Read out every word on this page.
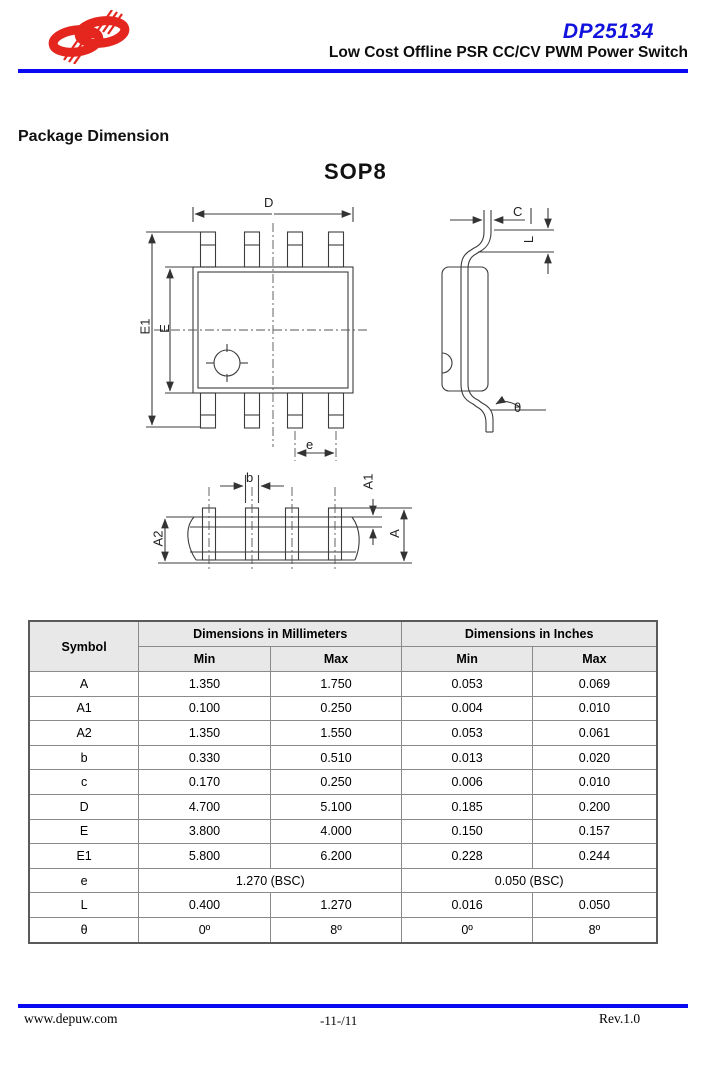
DP25134
Low Cost Offline PSR CC/CV PWM Power Switch
Package Dimension
SOP8
D
E1 E
e
C
L
θ
b	A1
A2	A
Symbol	Dimensions in Millimeters		Dimensions in Inches	
	Min	Max	Min	Max
A	1.350	1.750	0.053	0.069
A1	0.100	0.250	0.004	0.010
A2	1.350	1.550	0.053	0.061
b	0.330	0.510	0.013	0.020
c	0.170	0.250	0.006	0.010
D	4.700	5.100	0.185	0.200
E	3.800	4.000	0.150	0.157
E1	5.800	6.200	0.228	0.244
e	1.270 (BSC)		0.050 (BSC)	
L	0.400	1.270	0.016	0.050
θ	0º	8º	0º	8º
www.depuw.com	-11-/11	Rev.1.0
